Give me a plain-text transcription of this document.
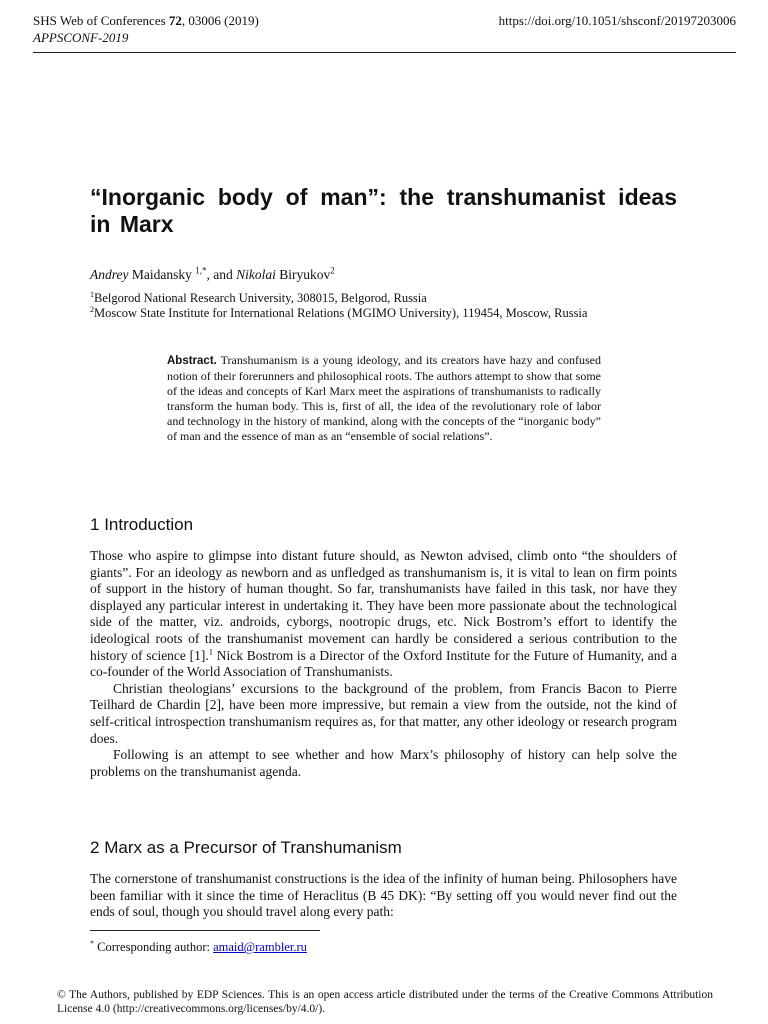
SHS Web of Conferences 72, 03006 (2019)
APPSCONF-2019
https://doi.org/10.1051/shsconf/20197203006
“Inorganic body of man”: the transhumanist ideas in Marx
Andrey Maidansky $^{1,*}$, and Nikolai Biryukov$^2$
$^1$Belgorod National Research University, 308015, Belgorod, Russia
$^2$Moscow State Institute for International Relations (MGIMO University), 119454, Moscow, Russia

Abstract. Transhumanism is a young ideology, and its creators have hazy and confused notion of their forerunners and philosophical roots. The authors attempt to show that some of the ideas and concepts of Karl Marx meet the aspirations of transhumanists to radically transform the human body. This is, first of all, the idea of the revolutionary role of labor and technology in the history of mankind, along with the concepts of the “inorganic body” of man and the essence of man as an “ensemble of social relations”.

1 Introduction

Those who aspire to glimpse into distant future should, as Newton advised, climb onto “the shoulders of giants”. For an ideology as newborn and as unfledged as transhumanism is, it is vital to lean on firm points of support in the history of human thought. So far, transhumanists have failed in this task, nor have they displayed any particular interest in undertaking it. They have been more passionate about the technological side of the matter, viz. androids, cyborgs, nootropic drugs, etc. Nick Bostrom’s effort to identify the ideological roots of the transhumanist movement can hardly be considered a serious contribution to the history of science [1].$^1$ Nick Bostrom is a Director of the Oxford Institute for the Future of Humanity, and a co-founder of the World Association of Transhumanists.

Christian theologians’ excursions to the background of the problem, from Francis Bacon to Pierre Teilhard de Chardin [2], have been more impressive, but remain a view from the outside, not the kind of self-critical introspection transhumanism requires as, for that matter, any other ideology or research program does.

Following is an attempt to see whether and how Marx’s philosophy of history can help solve the problems on the transhumanist agenda.

2 Marx as a Precursor of Transhumanism

The cornerstone of transhumanist constructions is the idea of the infinity of human being. Philosophers have been familiar with it since the time of Heraclitus (B 45 DK): “By setting off you would never find out the ends of soul, though you should travel along every path:

* Corresponding author: amaid@rambler.ru

© The Authors, published by EDP Sciences. This is an open access article distributed under the terms of the Creative Commons Attribution License 4.0 (http://creativecommons.org/licenses/by/4.0/).
